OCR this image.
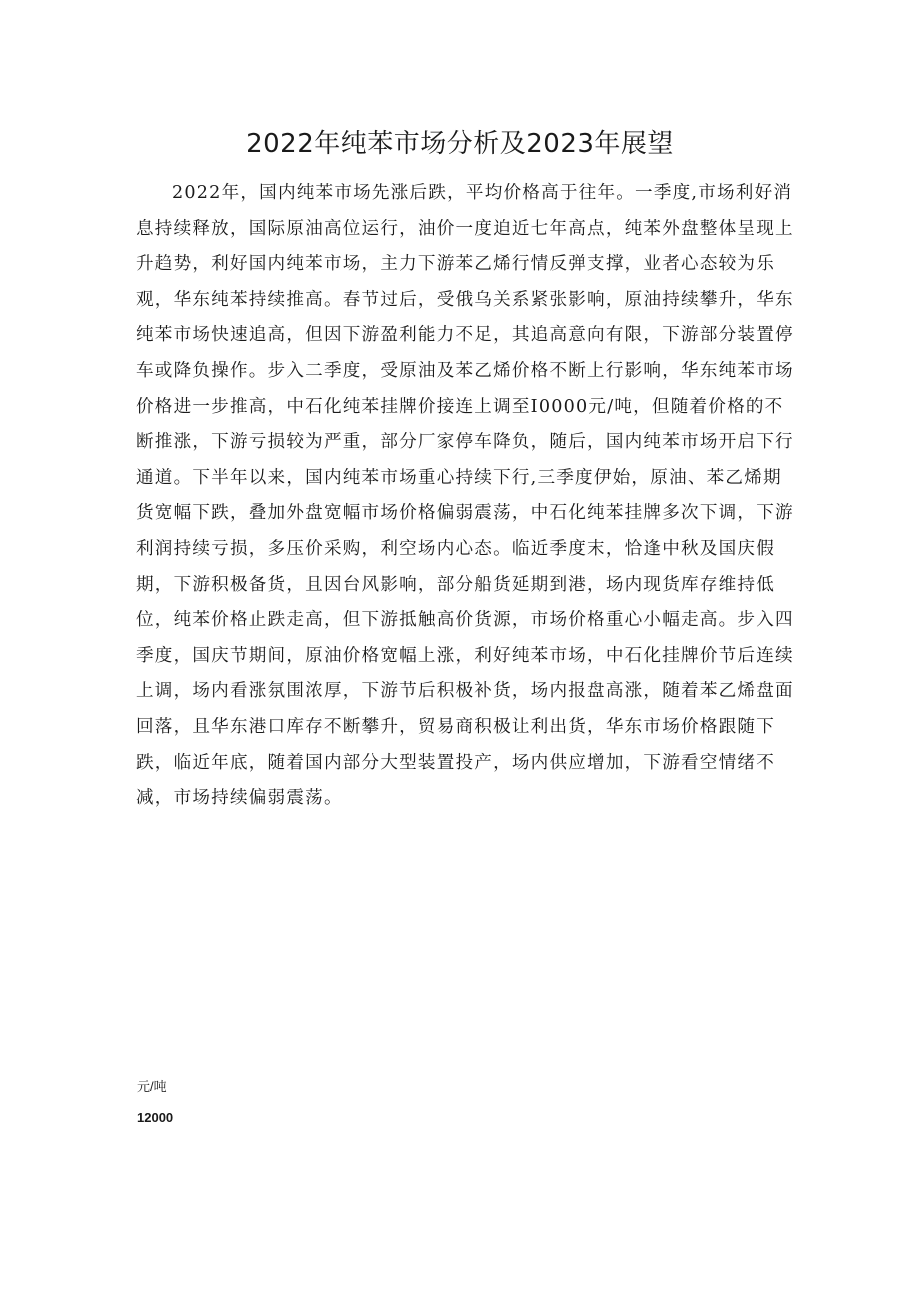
2022年纯苯市场分析及2023年展望

2022年，国内纯苯市场先涨后跌，平均价格高于往年。一季度,市场利好消息持续释放，国际原油高位运行，油价一度迫近七年高点，纯苯外盘整体呈现上升趋势，利好国内纯苯市场，主力下游苯乙烯行情反弹支撑，业者心态较为乐观，华东纯苯持续推高。春节过后，受俄乌关系紧张影响，原油持续攀升，华东纯苯市场快速追高，但因下游盈利能力不足，其追高意向有限，下游部分装置停车或降负操作。步入二季度，受原油及苯乙烯价格不断上行影响，华东纯苯市场价格进一步推高，中石化纯苯挂牌价接连上调至I0000元/吨，但随着价格的不断推涨，下游亏损较为严重，部分厂家停车降负，随后，国内纯苯市场开启下行通道。下半年以来，国内纯苯市场重心持续下行,三季度伊始，原油、苯乙烯期货宽幅下跌，叠加外盘宽幅市场价格偏弱震荡，中石化纯苯挂牌多次下调，下游利润持续亏损，多压价采购，利空场内心态。临近季度末，恰逢中秋及国庆假期，下游积极备货，且因台风影响，部分船货延期到港，场内现货库存维持低位，纯苯价格止跌走高，但下游抵触高价货源，市场价格重心小幅走高。步入四季度，国庆节期间，原油价格宽幅上涨，利好纯苯市场，中石化挂牌价节后连续上调，场内看涨氛围浓厚，下游节后积极补货，场内报盘高涨，随着苯乙烯盘面回落，且华东港口库存不断攀升，贸易商积极让利出货，华东市场价格跟随下跌，临近年底，随着国内部分大型装置投产，场内供应增加，下游看空情绪不减，市场持续偏弱震荡。

元/吨
12000
